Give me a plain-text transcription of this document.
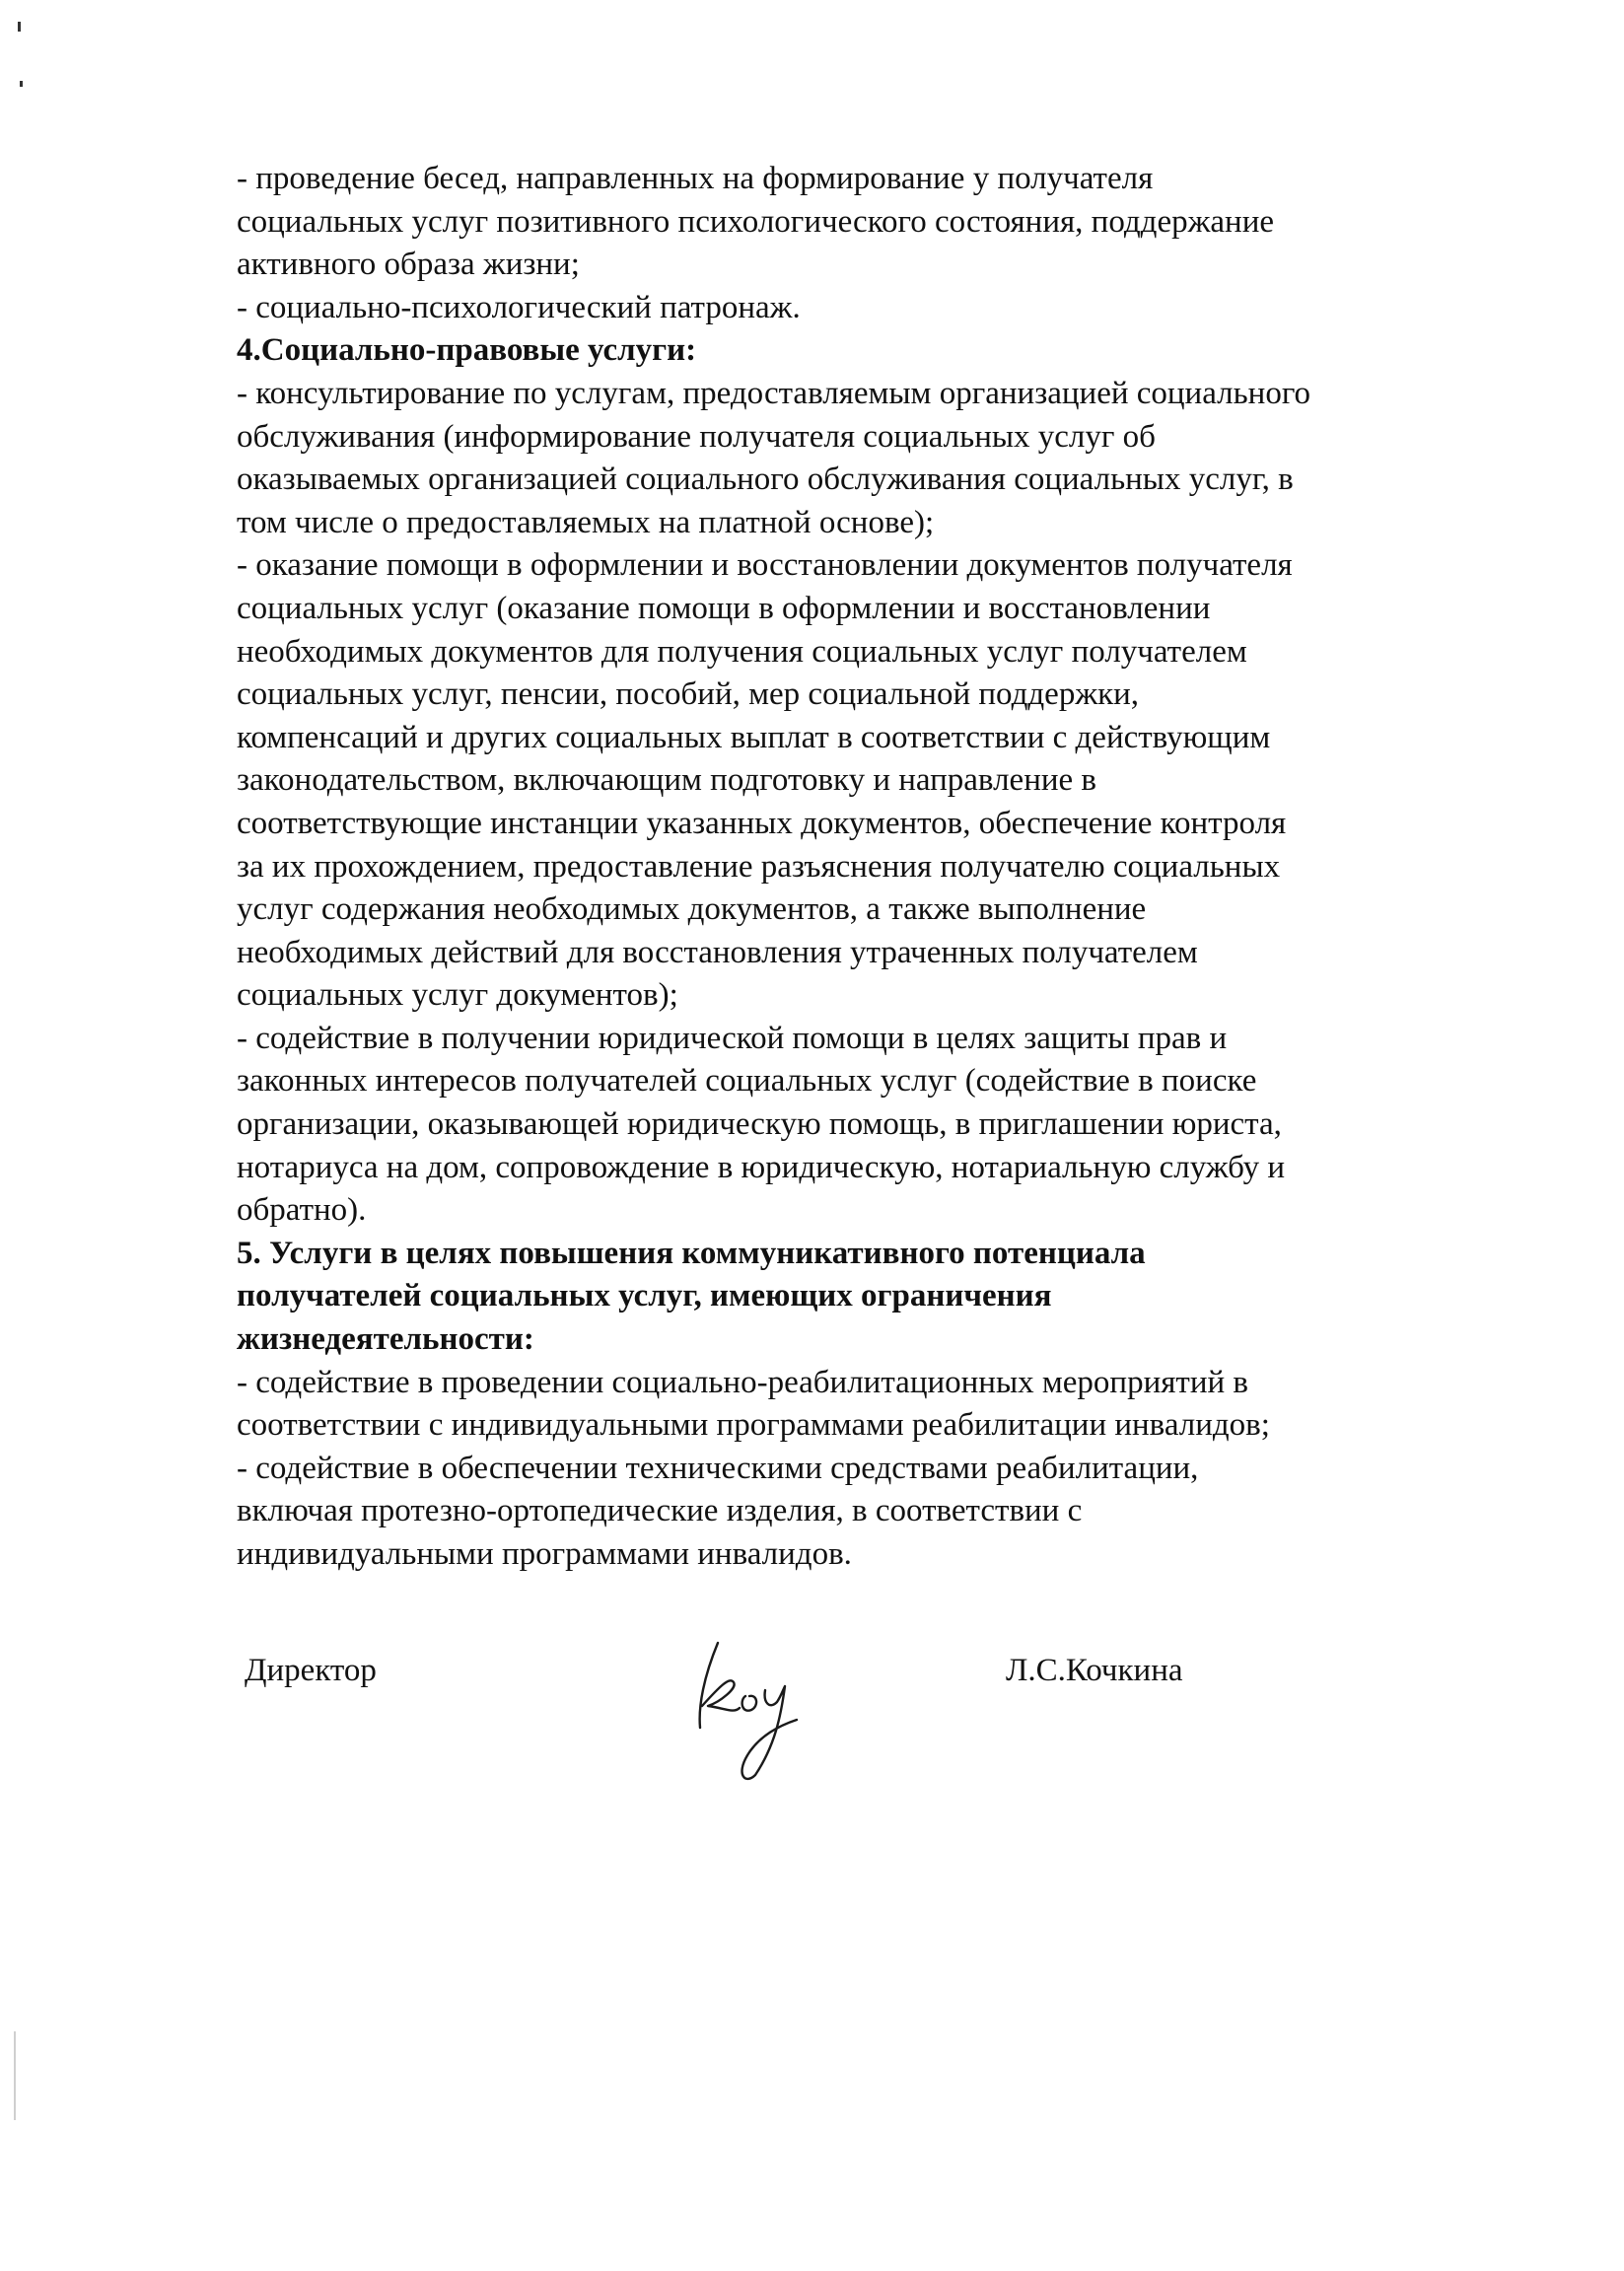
- проведение бесед, направленных на формирование у получателя
социальных услуг позитивного психологического состояния, поддержание
активного образа жизни;
- социально-психологический патронаж.
4.Социально-правовые услуги:
- консультирование по услугам, предоставляемым организацией социального
обслуживания (информирование получателя социальных услуг об
оказываемых организацией социального обслуживания социальных услуг, в
том числе о предоставляемых на платной основе);
- оказание помощи в оформлении и восстановлении документов получателя
социальных услуг (оказание помощи в оформлении и восстановлении
необходимых документов для получения социальных услуг получателем
социальных услуг, пенсии, пособий, мер социальной поддержки,
компенсаций и других социальных выплат в соответствии с действующим
законодательством, включающим подготовку и направление в
соответствующие инстанции указанных документов, обеспечение контроля
за их прохождением, предоставление разъяснения получателю социальных
услуг содержания необходимых документов, а также выполнение
необходимых действий для восстановления утраченных получателем
социальных услуг документов);
- содействие в получении юридической помощи в целях защиты прав и
законных интересов получателей социальных услуг (содействие в поиске
организации, оказывающей юридическую помощь, в приглашении юриста,
нотариуса на дом, сопровождение в юридическую, нотариальную службу и
обратно).
5. Услуги в целях повышения коммуникативного потенциала
получателей социальных услуг, имеющих ограничения
жизнедеятельности:
- содействие в проведении социально-реабилитационных мероприятий в
соответствии с индивидуальными программами реабилитации инвалидов;
- содействие в обеспечении техническими средствами реабилитации,
включая протезно-ортопедические изделия, в соответствии с
индивидуальными программами инвалидов.
Директор	Л.С.Кочкина
